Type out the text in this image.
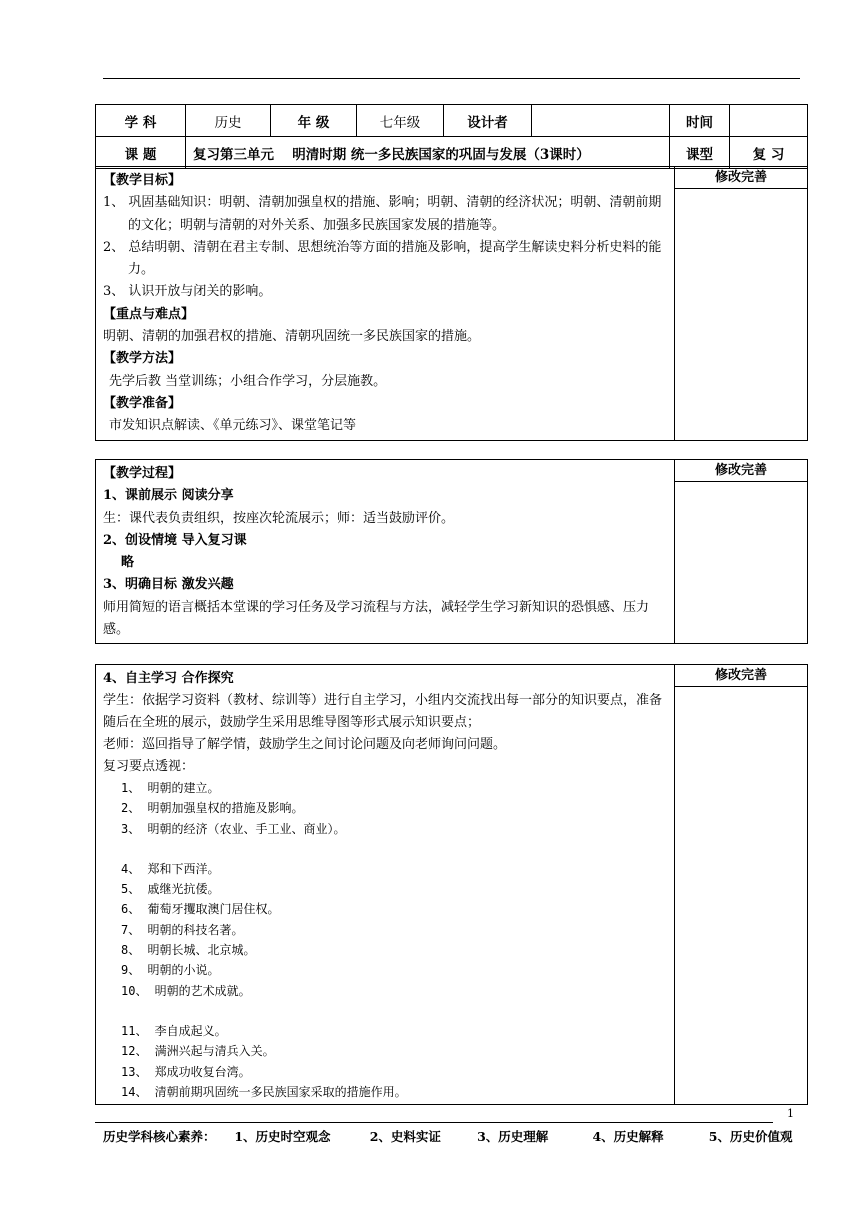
学 科	历史	年 级	七年级	设计者		时间	
课 题	复习第三单元　 明清时期 统一多民族国家的巩固与发展（3课时）					课型	复 习
【教学目标】
1、 巩固基础知识：明朝、清朝加强皇权的措施、影响；明朝、清朝的经济状况；明朝、清朝前期的文化；明朝与清朝的对外关系、加强多民族国家发展的措施等。
2、 总结明朝、清朝在君主专制、思想统治等方面的措施及影响，提高学生解读史料分析史料的能力。
3、 认识开放与闭关的影响。
【重点与难点】
明朝、清朝的加强君权的措施、清朝巩固统一多民族国家的措施。
【教学方法】
先学后教 当堂训练；小组合作学习，分层施教。
【教学准备】
市发知识点解读、《单元练习》、课堂笔记等

修改完善
【教学过程】
1、课前展示 阅读分享
生：课代表负责组织，按座次轮流展示；师：适当鼓励评价。
2、创设情境 导入复习课
略
3、明确目标 激发兴趣
师用简短的语言概括本堂课的学习任务及学习流程与方法，减轻学生学习新知识的恐惧感、压力感。

修改完善
4、自主学习 合作探究
学生：依据学习资料（教材、综训等）进行自主学习，小组内交流找出每一部分的知识要点，准备随后在全班的展示，鼓励学生采用思维导图等形式展示知识要点；
老师：巡回指导了解学情，鼓励学生之间讨论问题及向老师询问问题。
复习要点透视：
1、 明朝的建立。
2、 明朝加强皇权的措施及影响。
3、 明朝的经济（农业、手工业、商业）。
4、 郑和下西洋。
5、 戚继光抗倭。
6、 葡萄牙攫取澳门居住权。
7、 明朝的科技名著。
8、 明朝长城、北京城。
9、 明朝的小说。
10、 明朝的艺术成就。
11、 李自成起义。
12、 满洲兴起与清兵入关。
13、 郑成功收复台湾。
14、 清朝前期巩固统一多民族国家采取的措施作用。

修改完善
1
历史学科核心素养： 1、历史时空观念	2、史料实证	3、历史理解	4、历史解释	5、历史价值观
